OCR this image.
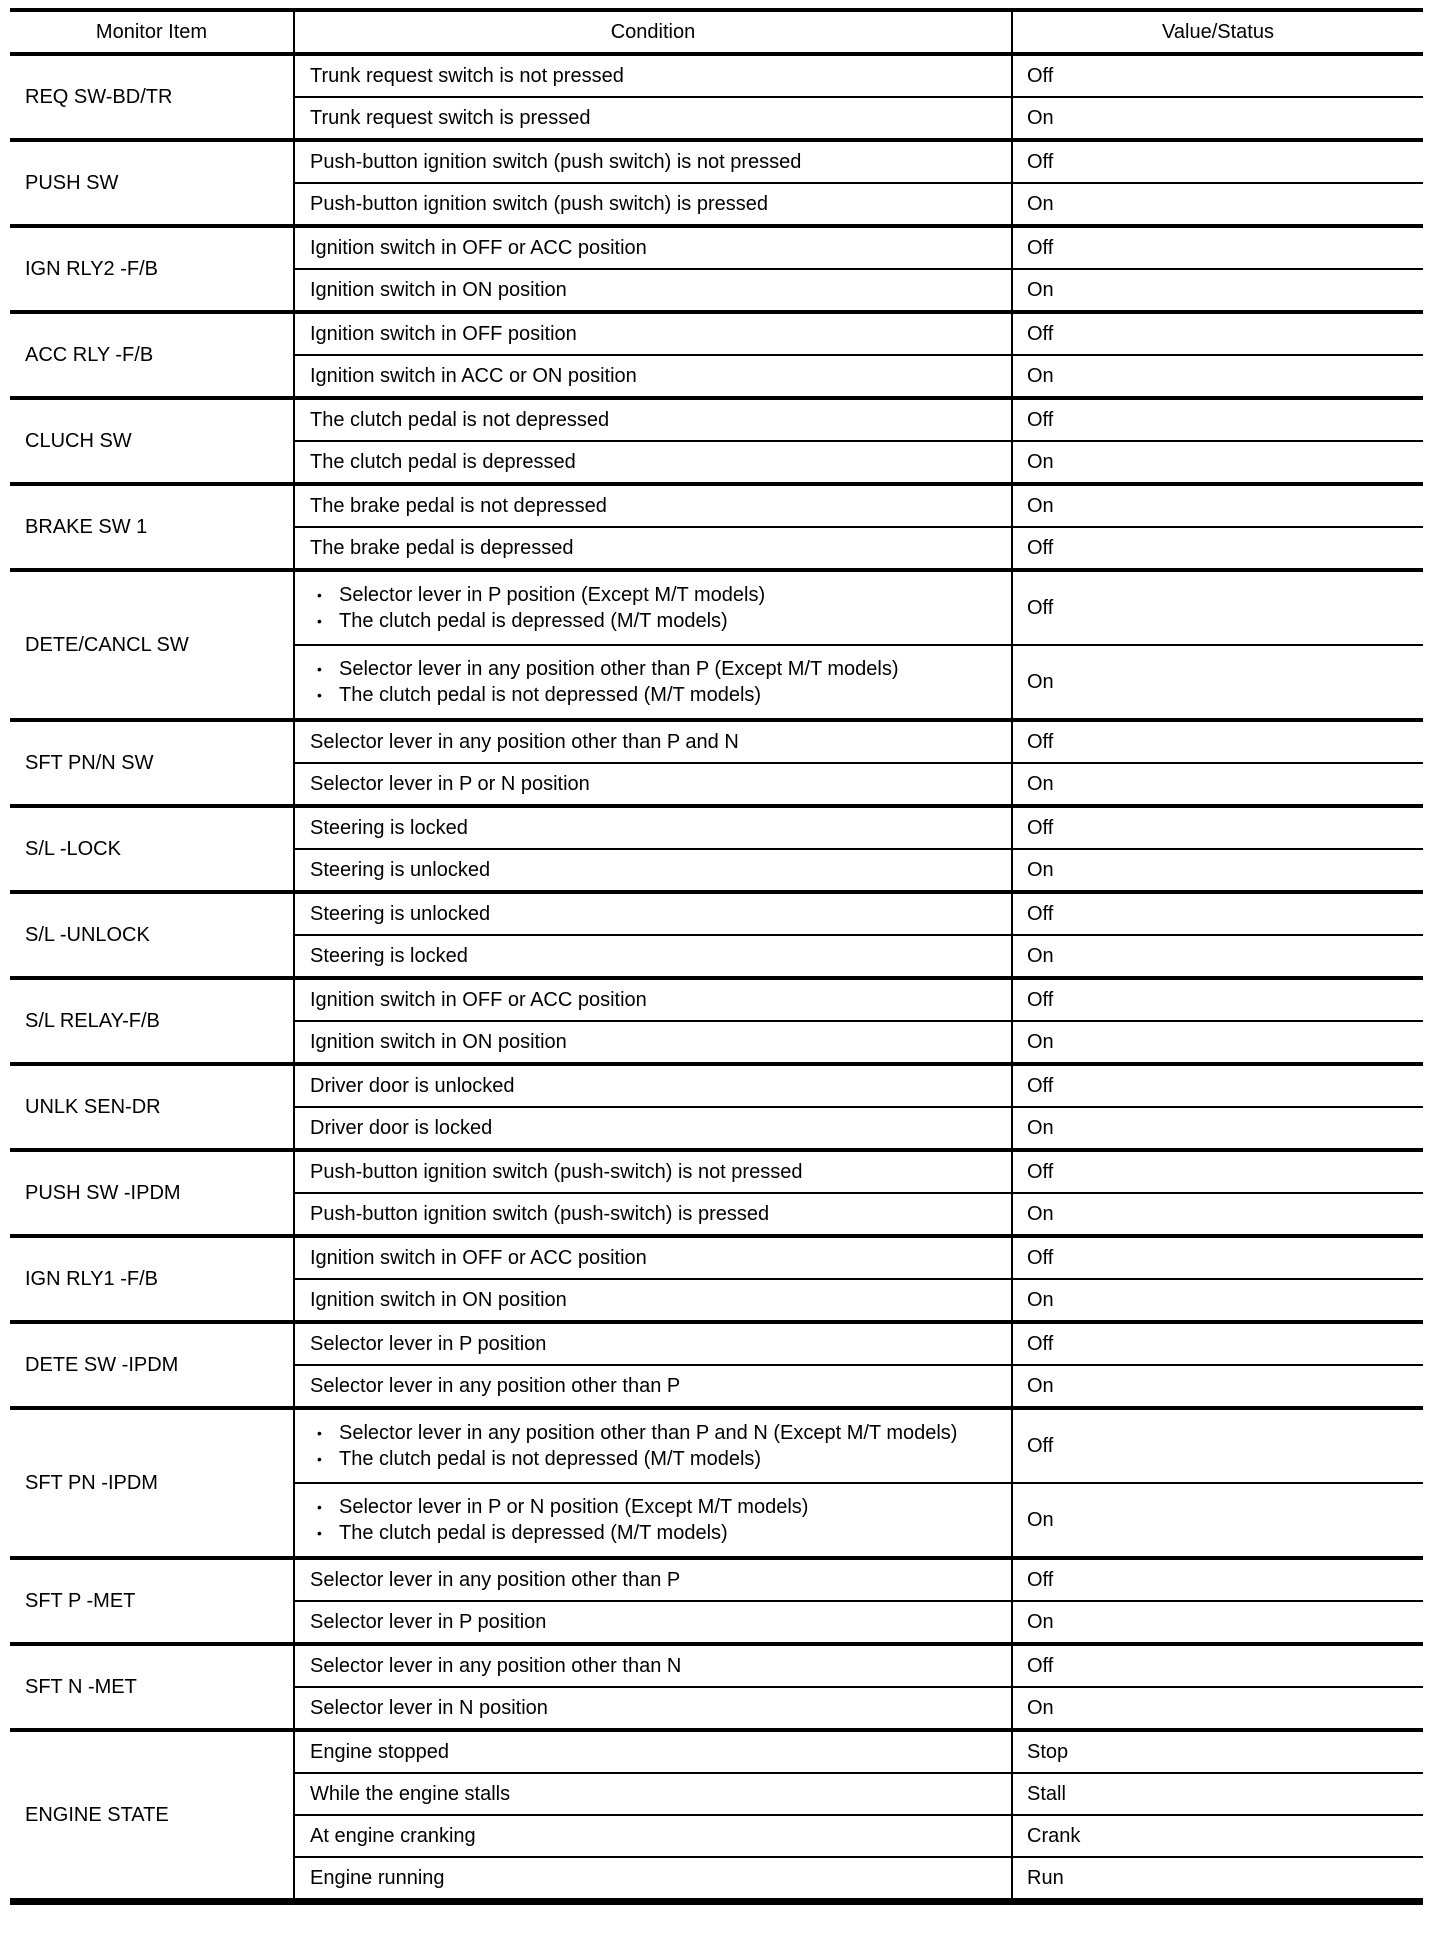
Monitor Item	Condition	Value/Status
REQ SW-BD/TR	Trunk request switch is not pressed	Off
	Trunk request switch is pressed	On
PUSH SW	Push-button ignition switch (push switch) is not pressed	Off
	Push-button ignition switch (push switch) is pressed	On
IGN RLY2 -F/B	Ignition switch in OFF or ACC position	Off
	Ignition switch in ON position	On
ACC RLY -F/B	Ignition switch in OFF position	Off
	Ignition switch in ACC or ON position	On
CLUCH SW	The clutch pedal is not depressed	Off
	The clutch pedal is depressed	On
BRAKE SW 1	The brake pedal is not depressed	On
	The brake pedal is depressed	Off
DETE/CANCL SW	• Selector lever in P position (Except M/T models)
• The clutch pedal is depressed (M/T models)	Off

	• Selector lever in any position other than P (Except M/T models)
• The clutch pedal is not depressed (M/T models)	On
SFT PN/N SW	Selector lever in any position other than P and N	Off
	Selector lever in P or N position	On
S/L -LOCK	Steering is locked	Off
	Steering is unlocked	On
S/L -UNLOCK	Steering is unlocked	Off
	Steering is locked	On
S/L RELAY-F/B	Ignition switch in OFF or ACC position	Off
	Ignition switch in ON position	On
UNLK SEN-DR	Driver door is unlocked	Off
	Driver door is locked	On
PUSH SW -IPDM	Push-button ignition switch (push-switch) is not pressed	Off
	Push-button ignition switch (push-switch) is pressed	On
IGN RLY1 -F/B	Ignition switch in OFF or ACC position	Off
	Ignition switch in ON position	On
DETE SW -IPDM	Selector lever in P position	Off
	Selector lever in any position other than P	On
SFT PN -IPDM	• Selector lever in any position other than P and N (Except M/T models)
• The clutch pedal is not depressed (M/T models)	Off

	• Selector lever in P or N position (Except M/T models)
• The clutch pedal is depressed (M/T models)	On
SFT P -MET	Selector lever in any position other than P	Off
	Selector lever in P position	On
SFT N -MET	Selector lever in any position other than N	Off
	Selector lever in N position	On
ENGINE STATE	Engine stopped	Stop
	While the engine stalls	Stall
	At engine cranking	Crank
	Engine running	Run
